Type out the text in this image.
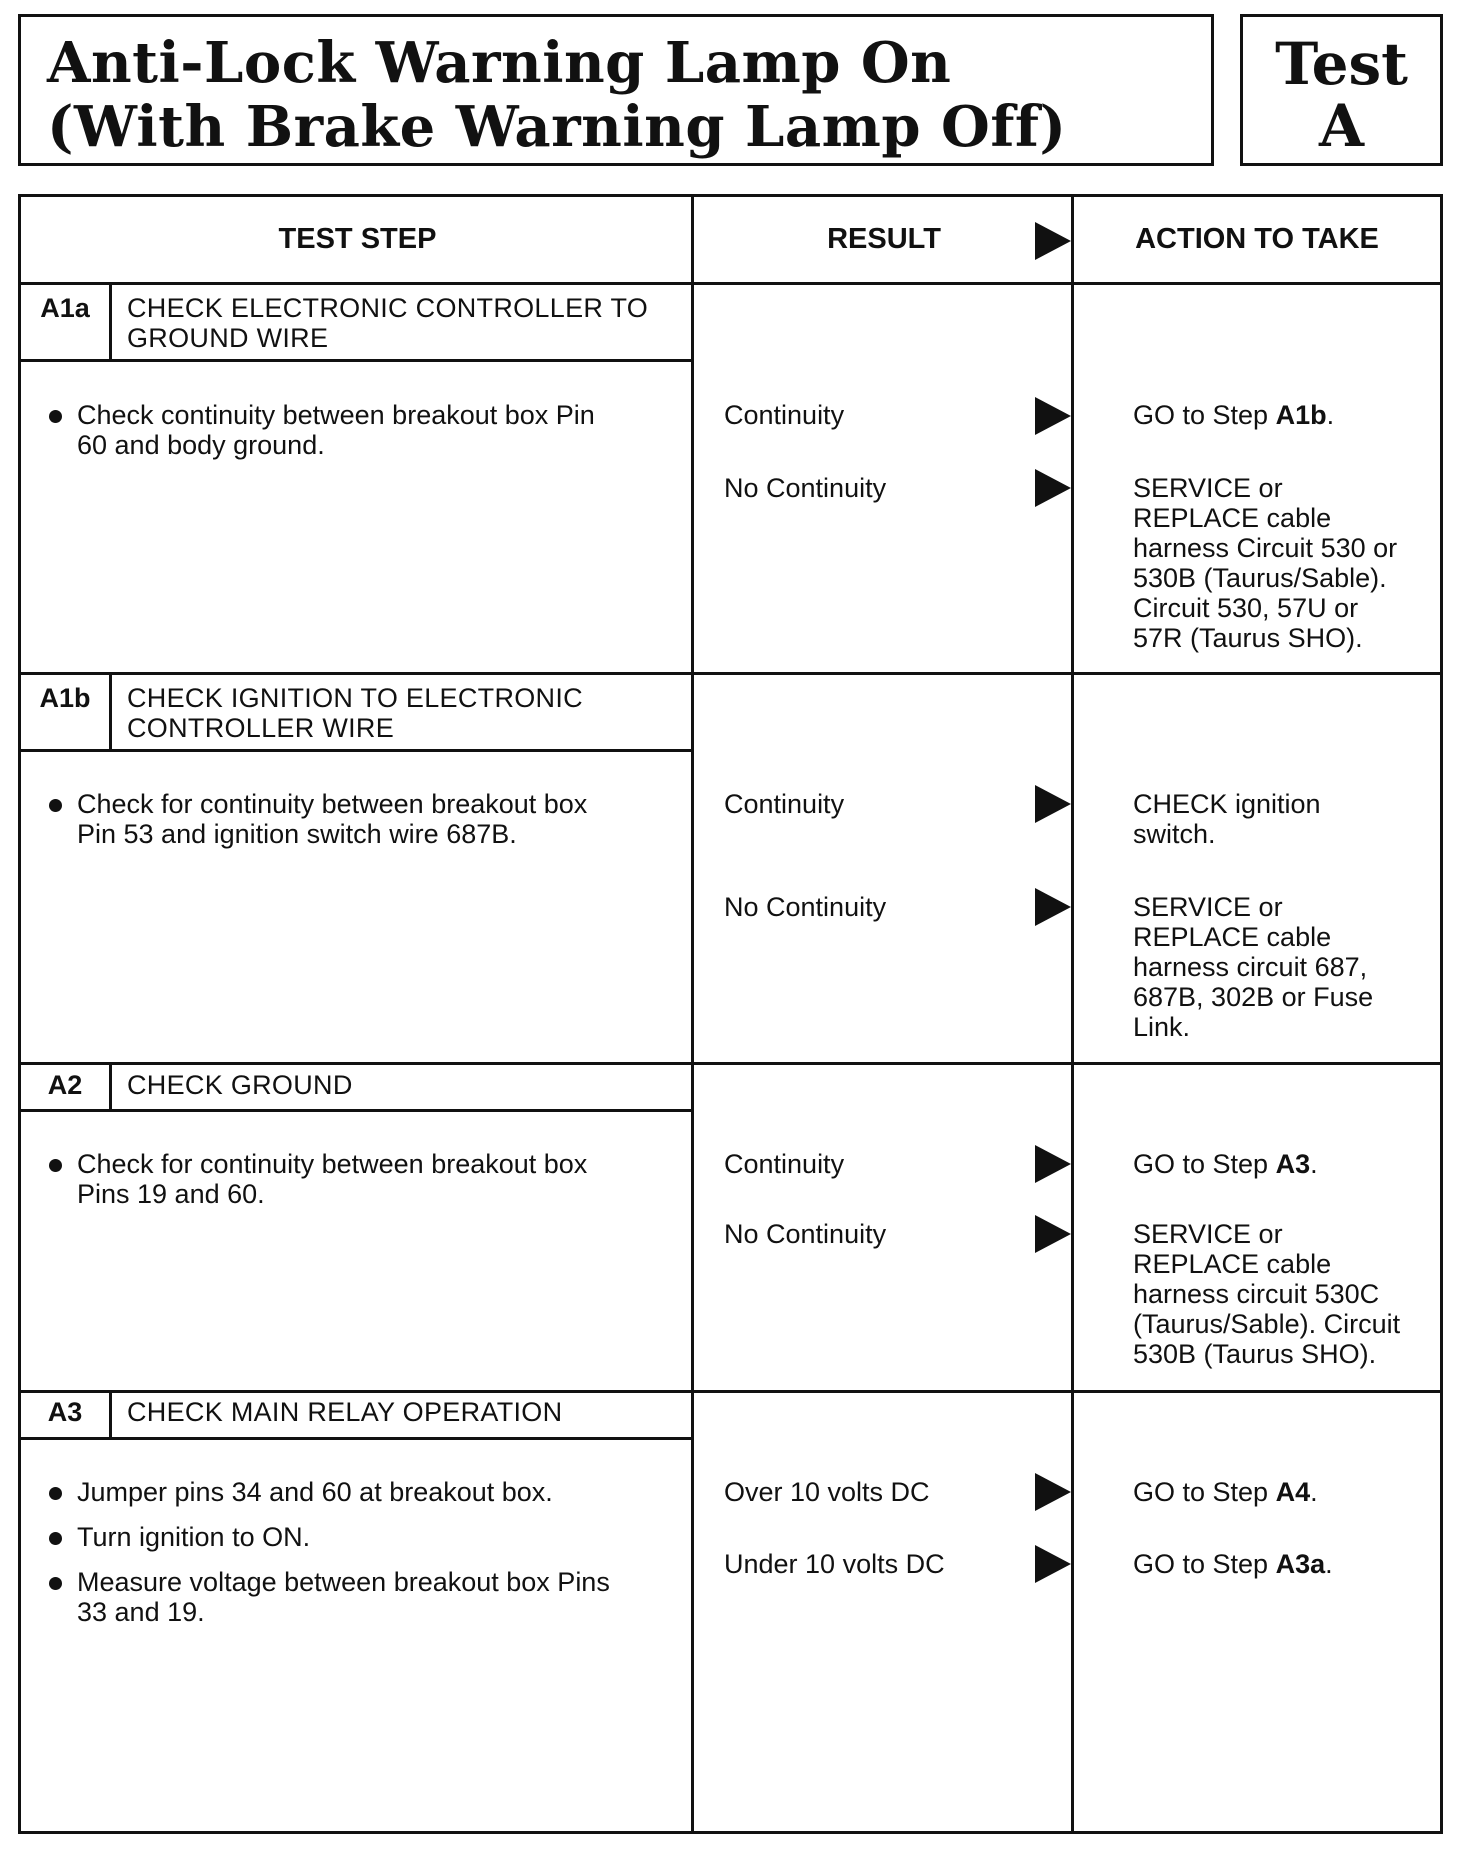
Anti-Lock Warning Lamp On
(With Brake Warning Lamp Off)
Test
A
TEST STEP	RESULT	ACTION TO TAKE
A1a	CHECK ELECTRONIC CONTROLLER TO
GROUND WIRE
Check continuity between breakout box Pin
60 and body ground.
Continuity	GO to Step A1b.
No Continuity	SERVICE or
REPLACE cable
harness Circuit 530 or
530B (Taurus/Sable).
Circuit 530, 57U or
57R (Taurus SHO).
A1b	CHECK IGNITION TO ELECTRONIC
CONTROLLER WIRE
Check for continuity between breakout box
Pin 53 and ignition switch wire 687B.
Continuity	CHECK ignition
switch.
No Continuity	SERVICE or
REPLACE cable
harness circuit 687,
687B, 302B or Fuse
Link.
A2	CHECK GROUND
Check for continuity between breakout box
Pins 19 and 60.
Continuity	GO to Step A3.
No Continuity	SERVICE or
REPLACE cable
harness circuit 530C
(Taurus/Sable). Circuit
530B (Taurus SHO).
A3	CHECK MAIN RELAY OPERATION
Jumper pins 34 and 60 at breakout box.
Turn ignition to ON.
Measure voltage between breakout box Pins
33 and 19.
Over 10 volts DC	GO to Step A4.
Under 10 volts DC	GO to Step A3a.
